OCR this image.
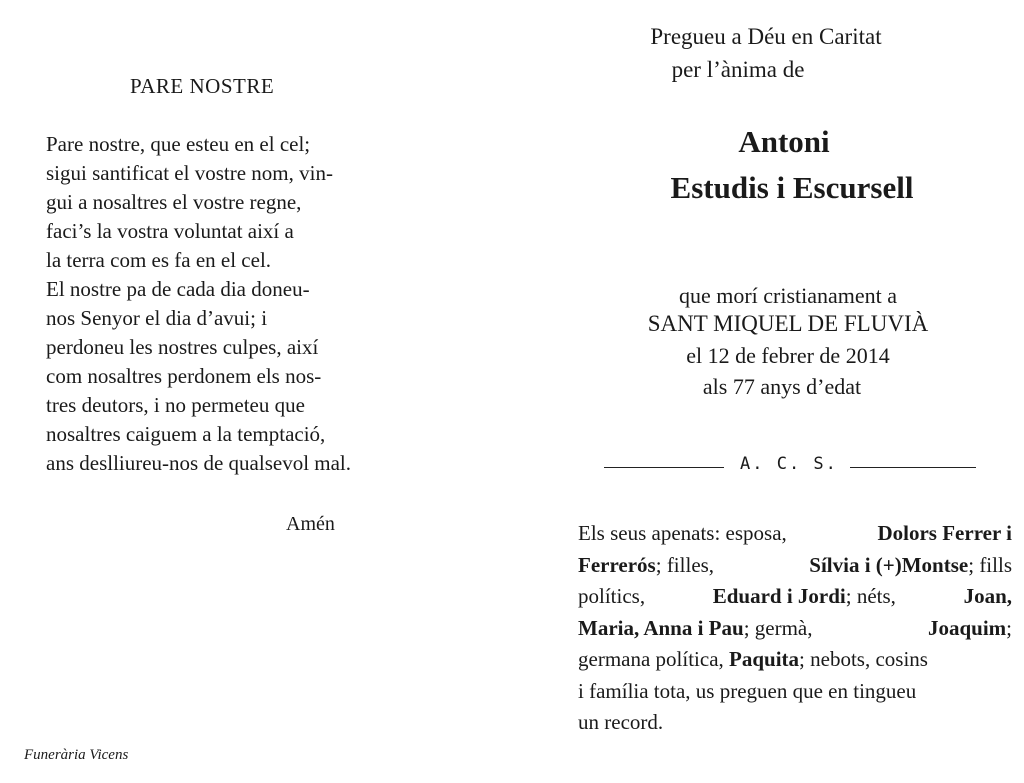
PARE NOSTRE
Pare nostre, que esteu en el cel;
sigui santificat el vostre nom, vin-
gui a nosaltres el vostre regne,
faci’s la vostra voluntat així a
la terra com es fa en el cel.
El nostre pa de cada dia doneu-
nos Senyor el dia d’avui; i
perdoneu les nostres culpes, així
com nosaltres perdonem els nos-
tres deutors, i no permeteu que
nosaltres caiguem a la temptació,
ans deslliureu-nos de qualsevol mal.
Amén
Funerària Vicens
Pregueu a Déu en Caritat
per l’ànima de
Antoni
Estudis i Escursell
que morí cristianament a
SANT MIQUEL DE FLUVIÀ
el 12 de febrer de 2014
als 77 anys d’edat
A. C. S.
Els seus apenats: esposa,	Dolors Ferrer i
Ferrerós; filles,	Sílvia i (+)Montse; fills
polítics,	Eduard i Jordi; néts,	Joan,
Maria, Anna i Pau; germà,	Joaquim;
germana política, Paquita; nebots, cosins
i família tota, us preguen que en tingueu
un record.
